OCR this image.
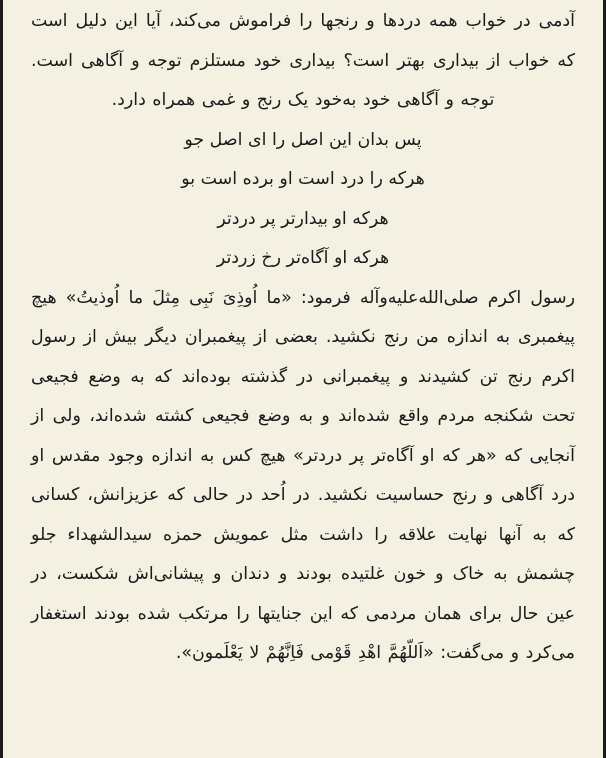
آدمی در خواب همه دردها و رنجها را فراموش می‌کند، آیا این دلیل است که خواب از بیداری بهتر است؟ بیداری خود مستلزم توجه و آگاهی است. توجه و آگاهی خود به‌خود یک رنج و غمی همراه دارد.

پس بدان این اصل را ای اصل جو
هرکه را درد است او برده است بو
هرکه او بیدارتر پر دردتر
هرکه او آگاه‌تر رخ زردتر

رسول اکرم صلی‌الله‌علیه‌وآله فرمود: «ما اُوذِیَ نَبِی مِثلَ ما اُوذیتُ» هیچ پیغمبری به اندازه من رنج نکشید. بعضی از پیغمبران دیگر بیش از رسول اکرم رنج تن کشیدند و پیغمبرانی در گذشته بوده‌اند که به وضع فجیعی تحت شکنجه مردم واقع شده‌اند و به وضع فجیعی کشته شده‌اند، ولی از آنجایی که «هر که او آگاه‌تر پر دردتر» هیچ کس به اندازه وجود مقدس او درد آگاهی و رنج حساسیت نکشید. در اُحد در حالی که عزیزانش، کسانی که به آنها نهایت علاقه را داشت مثل عمویش حمزه سیدالشهداء جلو چشمش به خاک و خون غلتیده بودند و دندان و پیشانی‌اش شکست، در عین حال برای همان مردمی که این جنایتها را مرتکب شده بودند استغفار می‌کرد و می‌گفت: «اَللّهُمَّ اهْدِ قَوْمی فَاِنَّهُمْ لا یَعْلَمون».
